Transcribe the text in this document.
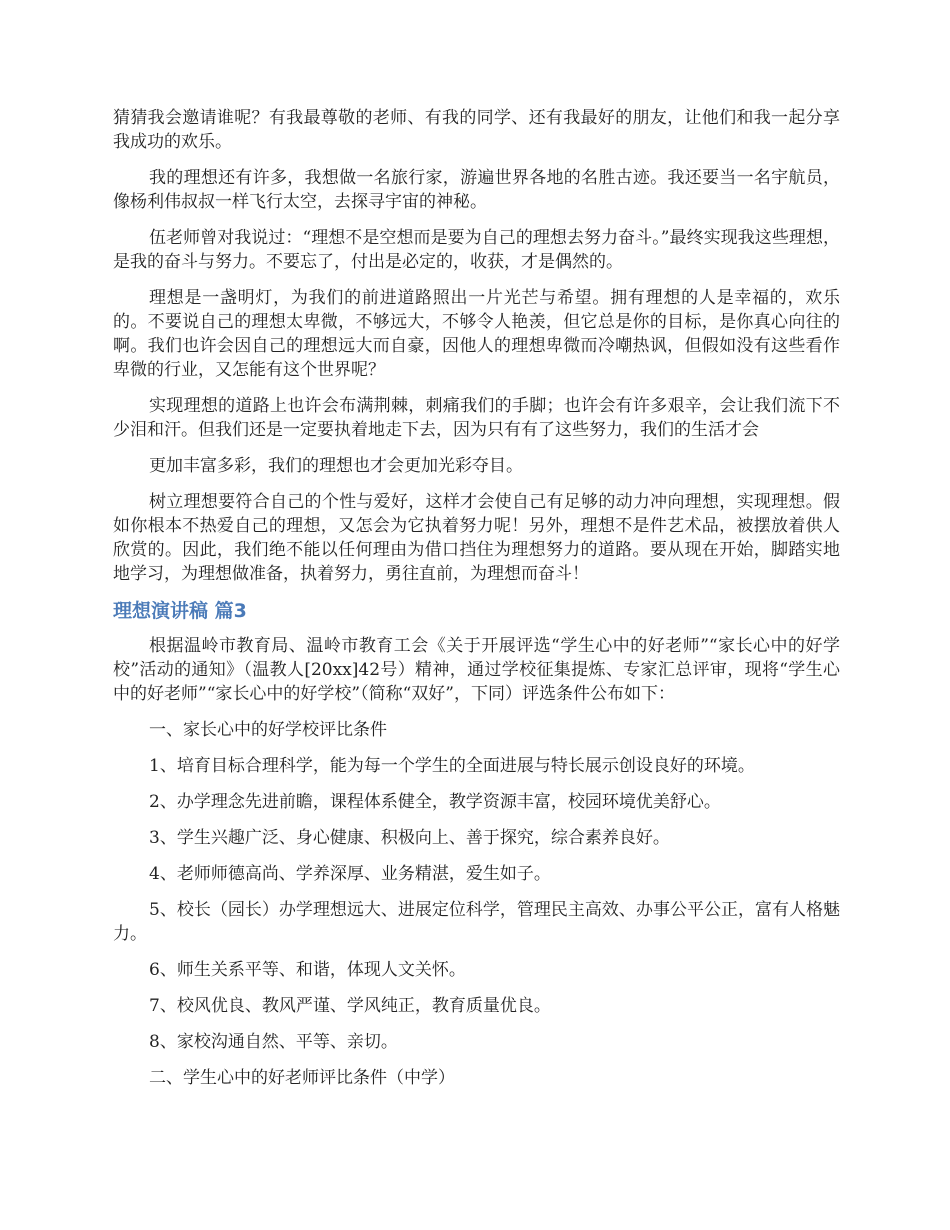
猜猜我会邀请谁呢？有我最尊敬的老师、有我的同学、还有我最好的朋友，让他们和我一起分享我成功的欢乐。

我的理想还有许多，我想做一名旅行家，游遍世界各地的名胜古迹。我还要当一名宇航员，像杨利伟叔叔一样飞行太空，去探寻宇宙的神秘。

伍老师曾对我说过：“理想不是空想而是要为自己的理想去努力奋斗。”最终实现我这些理想，是我的奋斗与努力。不要忘了，付出是必定的，收获，才是偶然的。

理想是一盏明灯，为我们的前进道路照出一片光芒与希望。拥有理想的人是幸福的，欢乐的。不要说自己的理想太卑微，不够远大，不够令人艳羡，但它总是你的目标，是你真心向往的啊。我们也许会因自己的理想远大而自豪，因他人的理想卑微而冷嘲热讽，但假如没有这些看作卑微的行业，又怎能有这个世界呢？

实现理想的道路上也许会布满荆棘，刺痛我们的手脚；也许会有许多艰辛，会让我们流下不少泪和汗。但我们还是一定要执着地走下去，因为只有有了这些努力，我们的生活才会

更加丰富多彩，我们的理想也才会更加光彩夺目。

树立理想要符合自己的个性与爱好，这样才会使自己有足够的动力冲向理想，实现理想。假如你根本不热爱自己的理想，又怎会为它执着努力呢！另外，理想不是件艺术品，被摆放着供人欣赏的。因此，我们绝不能以任何理由为借口挡住为理想努力的道路。要从现在开始，脚踏实地地学习，为理想做准备，执着努力，勇往直前，为理想而奋斗！

理想演讲稿 篇3

根据温岭市教育局、温岭市教育工会《关于开展评选“学生心中的好老师”“家长心中的好学校”活动的通知》（温教人[20xx]42号）精神，通过学校征集提炼、专家汇总评审，现将“学生心中的好老师”“家长心中的好学校”（简称“双好”，下同）评选条件公布如下：

一、家长心中的好学校评比条件

1、培育目标合理科学，能为每一个学生的全面进展与特长展示创设良好的环境。

2、办学理念先进前瞻，课程体系健全，教学资源丰富，校园环境优美舒心。

3、学生兴趣广泛、身心健康、积极向上、善于探究，综合素养良好。

4、老师师德高尚、学养深厚、业务精湛，爱生如子。

5、校长（园长）办学理想远大、进展定位科学，管理民主高效、办事公平公正，富有人格魅力。

6、师生关系平等、和谐，体现人文关怀。

7、校风优良、教风严谨、学风纯正，教育质量优良。

8、家校沟通自然、平等、亲切。

二、学生心中的好老师评比条件（中学）
